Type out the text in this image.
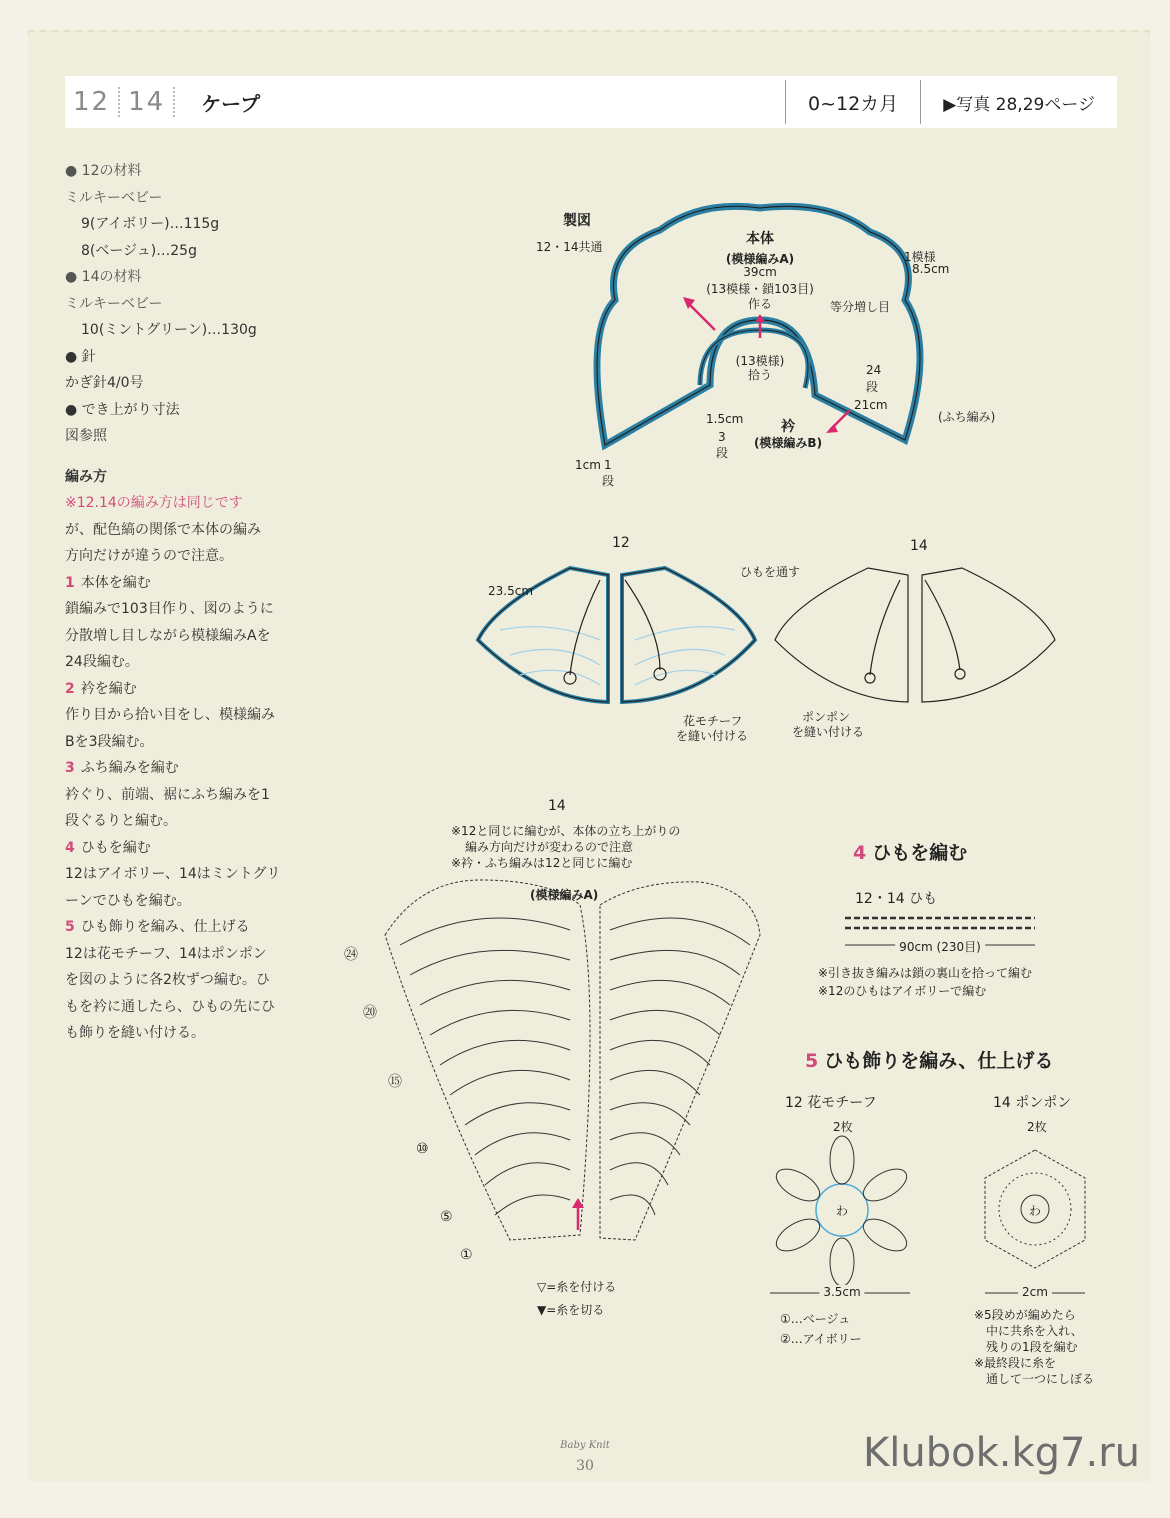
12 14	ケープ	0~12カ月	▶写真 28,29ページ
● 12の材料
ミルキーベビー
9(アイボリー)…115g
8(ベージュ)…25g
● 14の材料
ミルキーベビー
10(ミントグリーン)…130g
● 針
かぎ針4/0号
● でき上がり寸法
図参照
編み方
※12.14の編み方は同じです
が、配色縞の関係で本体の編み
方向だけが違うので注意。
1 本体を編む
鎖編みで103目作り、図のように
分散増し目しながら模様編みAを
24段編む。
2 衿を編む
作り目から拾い目をし、模様編み
Bを3段編む。
3 ふち編みを編む
衿ぐり、前端、裾にふち編みを1
段ぐるりと編む。
4 ひもを編む
12はアイボリー、14はミントグリ
ーンでひもを編む。
5 ひも飾りを編み、仕上げる
12は花モチーフ、14はポンポン
を図のように各2枚ずつ編む。ひ
もを衿に通したら、ひもの先にひ
も飾りを縫い付ける。
製図
12・14共通	本体
(模様編みA)
39cm
(13模様・鎖103目)
作る
1模様
8.5cm
等分増し目
(13模様)
拾う	24
段
21cm
(ふち編み)
1.5cm
3
段
衿
(模様編みB)
1cm 1
段
12	14
23.5cm
ひもを通す
花モチーフ
を縫い付ける
ポンポン
を縫い付ける
14
※12と同じに編むが、本体の立ち上がりの
編み方向だけが変わるので注意
※衿・ふち編みは12と同じに編む
(模様編みA)
㉔
⑳
⑮
⑩
⑤
①
▽=糸を付ける
▼=糸を切る
4 ひもを編む
12・14 ひも
90cm (230目)
※引き抜き編みは鎖の裏山を拾って編む
※12のひもはアイボリーで編む
5 ひも飾りを編み、仕上げる
12 花モチーフ
2枚
わ
3.5cm
①…ベージュ
②…アイボリー
14 ポンポン
2枚
わ
2cm
※5段めが編めたら
中に共糸を入れ、
残りの1段を編む
※最終段に糸を
通して一つにしぼる
Baby Knit
30	Klubok.kg7.ru
